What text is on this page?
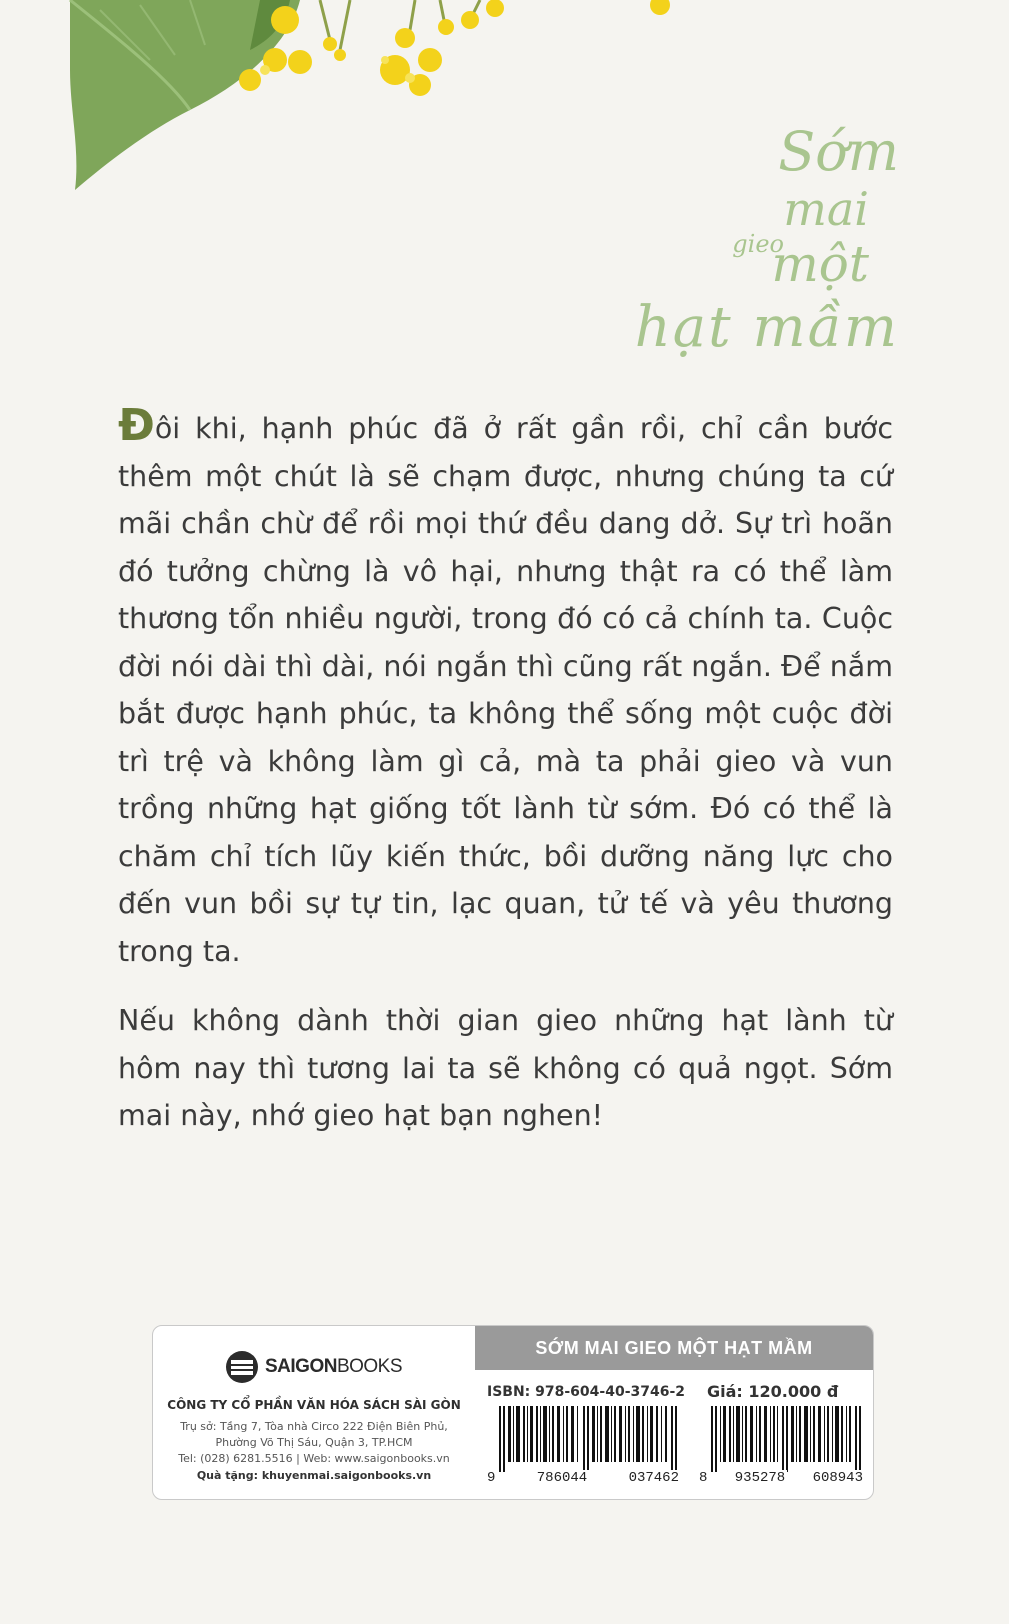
Sớm
mai
gieo
một
hạt mầm

Đôi khi, hạnh phúc đã ở rất gần rồi, chỉ cần bước thêm một chút là sẽ chạm được, nhưng chúng ta cứ mãi chần chừ để rồi mọi thứ đều dang dở. Sự trì hoãn đó tưởng chừng là vô hại, nhưng thật ra có thể làm thương tổn nhiều người, trong đó có cả chính ta. Cuộc đời nói dài thì dài, nói ngắn thì cũng rất ngắn. Để nắm bắt được hạnh phúc, ta không thể sống một cuộc đời trì trệ và không làm gì cả, mà ta phải gieo và vun trồng những hạt giống tốt lành từ sớm. Đó có thể là chăm chỉ tích lũy kiến thức, bồi dưỡng năng lực cho đến vun bồi sự tự tin, lạc quan, tử tế và yêu thương trong ta.

Nếu không dành thời gian gieo những hạt lành từ hôm nay thì tương lai ta sẽ không có quả ngọt. Sớm mai này, nhớ gieo hạt bạn nghen!

SAIGONBOOKS
CÔNG TY CỔ PHẦN VĂN HÓA SÁCH SÀI GÒN
Trụ sở: Tầng 7, Tòa nhà Circo 222 Điện Biên Phủ,
Phường Võ Thị Sáu, Quận 3, TP.HCM
Tel: (028) 6281.5516 | Web: www.saigonbooks.vn
Quà tặng: khuyenmai.saigonbooks.vn
SỚM MAI GIEO MỘT HẠT MẦM
ISBN: 978-604-40-3746-2 Giá: 120.000 đ
9	786044	037462 8 935278 608943
